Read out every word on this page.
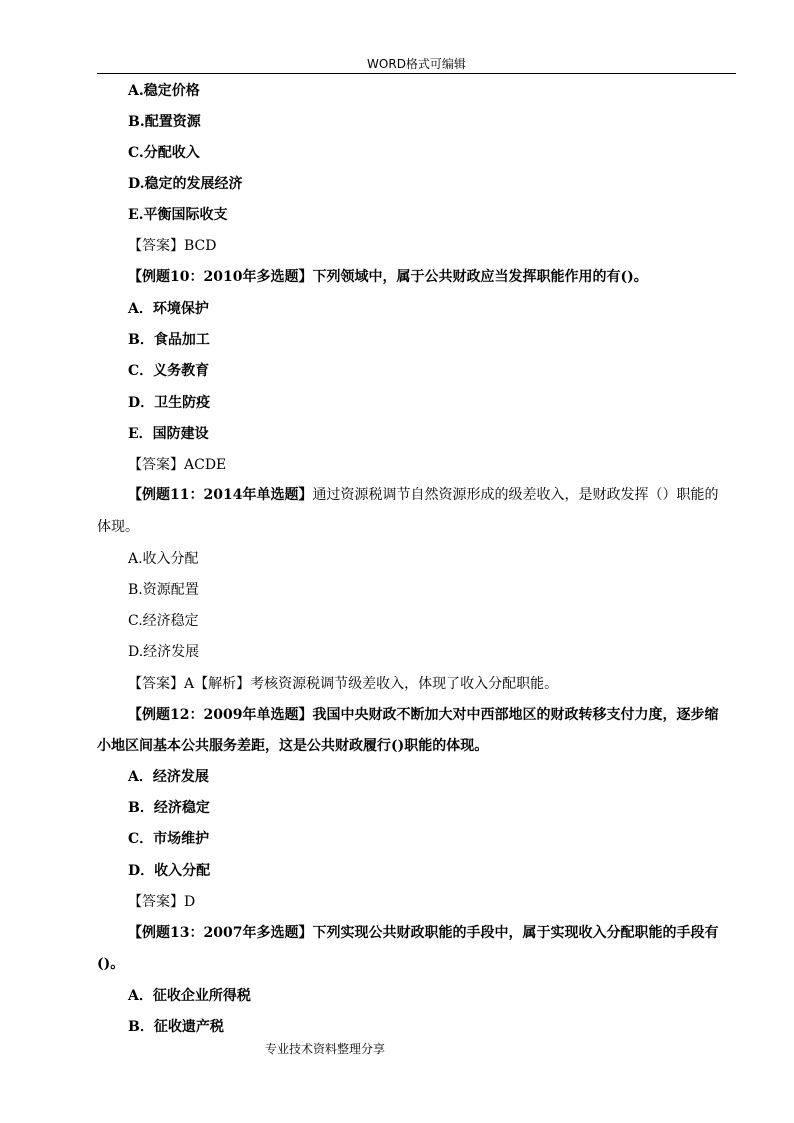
WORD格式可编辑
A.稳定价格
B.配置资源
C.分配收入
D.稳定的发展经济
E.平衡国际收支
【答案】BCD
【例题10：2010年多选题】下列领域中，属于公共财政应当发挥职能作用的有()。
A．环境保护
B．食品加工
C．义务教育
D．卫生防疫
E．国防建设
【答案】ACDE
【例题11：2014年单选题】通过资源税调节自然资源形成的级差收入，是财政发挥（）职能的
体现。
A.收入分配
B.资源配置
C.经济稳定
D.经济发展
【答案】A【解析】考核资源税调节级差收入，体现了收入分配职能。
【例题12：2009年单选题】我国中央财政不断加大对中西部地区的财政转移支付力度，逐步缩
小地区间基本公共服务差距，这是公共财政履行()职能的体现。
A．经济发展
B．经济稳定
C．市场维护
D．收入分配
【答案】D
【例题13：2007年多选题】下列实现公共财政职能的手段中，属于实现收入分配职能的手段有
()。
A．征收企业所得税
B．征收遗产税
专业技术资料整理分享
